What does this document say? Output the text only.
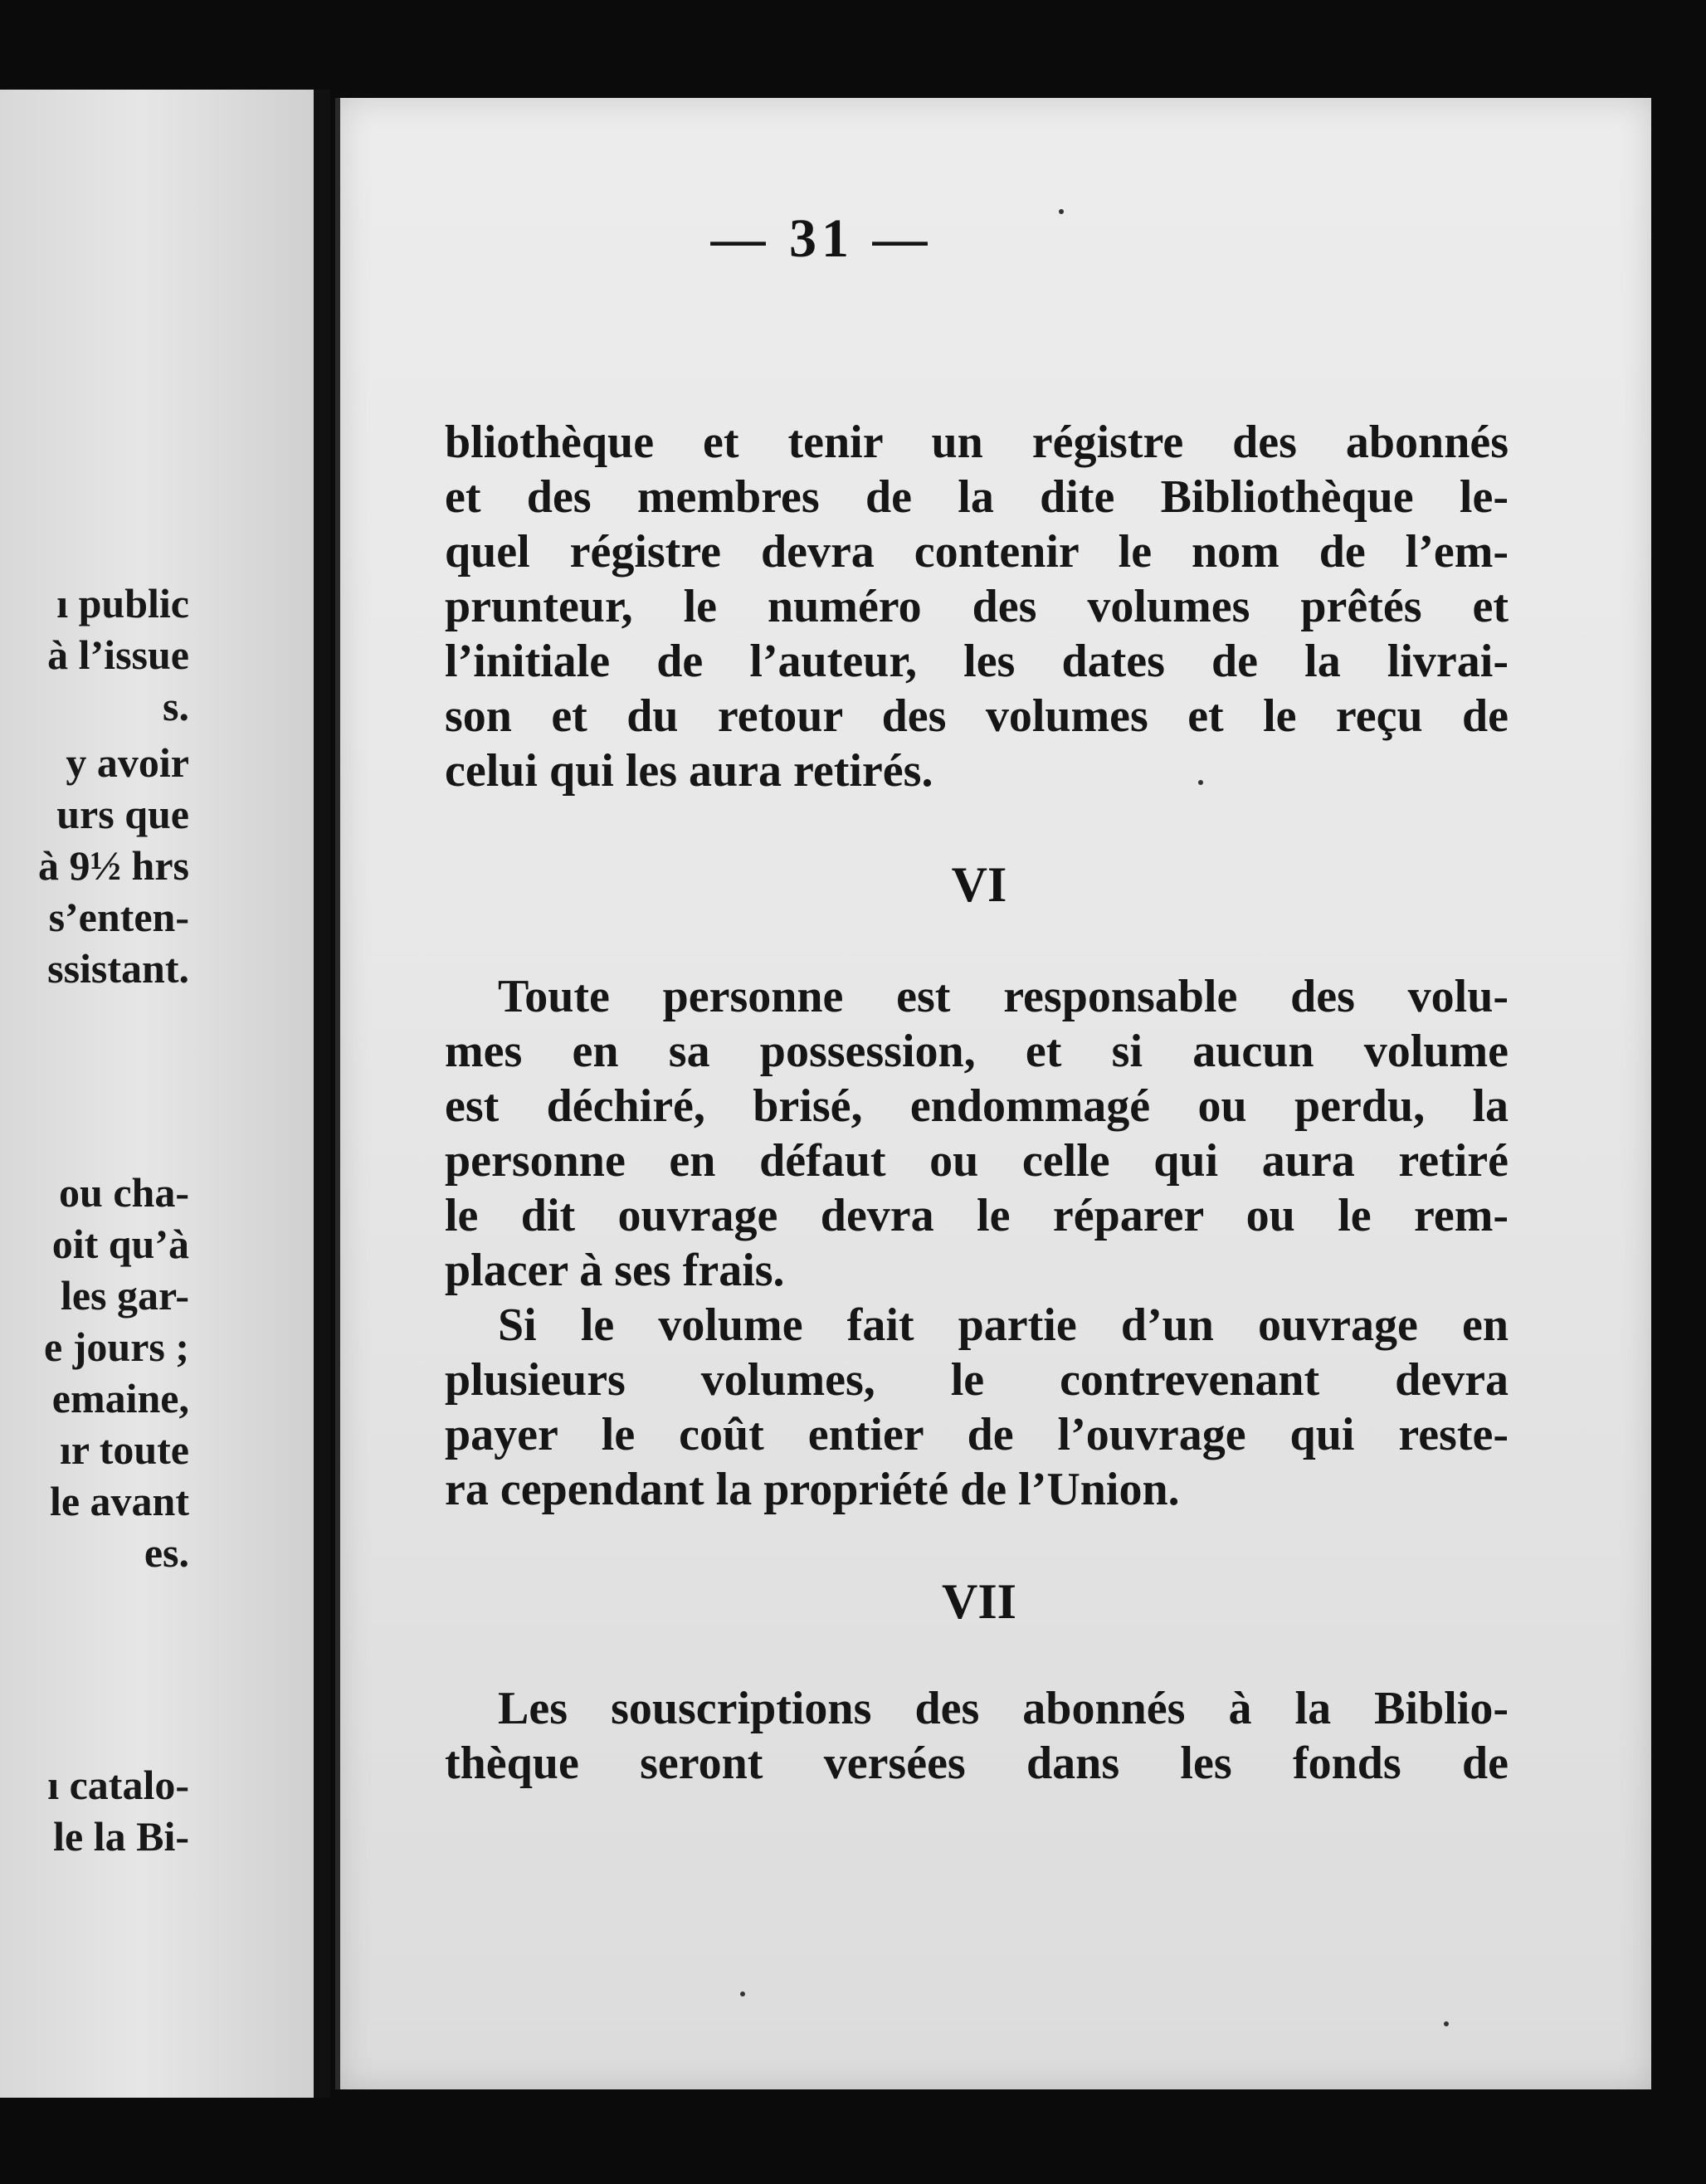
ı public
à l’issue
s.
y avoir
urs que
à 9½ hrs
s’enten-
ssistant.
ou cha-
oit qu’à
les gar-
e jours ;
emaine,
ır toute
le avant
es.
ı catalo-
le la Bi-
— 31 —
bliothèque et tenir un régistre des abonnés
et des membres de la dite Bibliothèque le-
quel régistre devra contenir le nom de l’em-
prunteur, le numéro des volumes prêtés et
l’initiale de l’auteur, les dates de la livrai-
son et du retour des volumes et le reçu de
celui qui les aura retirés.
VI
Toute personne est responsable des volu-
mes en sa possession, et si aucun volume
est déchiré, brisé, endommagé ou perdu, la
personne en défaut ou celle qui aura retiré
le dit ouvrage devra le réparer ou le rem-
placer à ses frais.
Si le volume fait partie d’un ouvrage en
plusieurs volumes, le contrevenant devra
payer le coût entier de l’ouvrage qui reste-
ra cependant la propriété de l’Union.
VII
Les souscriptions des abonnés à la Biblio-
thèque seront versées dans les fonds de
